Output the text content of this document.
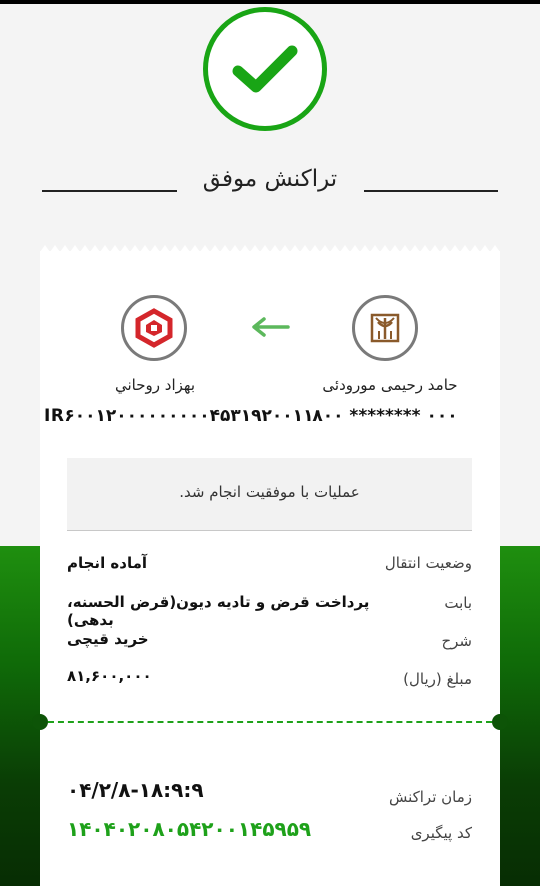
تراكنش موفق
حامد رحیمی مورودئی
۸۰۰ ******** ۰۰۰
بهزاد روحاني
IR۶۰۰۱۲۰۰۰۰۰۰۰۰۰۴۵۳۱۹۲۰۰۱۱
عملیات با موفقیت انجام شد.
وضعیت انتقال
آماده انجام
بابت
پرداخت قرض و تادیه دیون(قرض الحسنه، بدهی)
شرح
خرید قیچی
مبلغ (ریال)
۸۱,۶۰۰,۰۰۰
زمان تراکنش
۰۴/۲/۸-۱۸:۹:۹
کد پیگیری
۱۴۰۴۰۲۰۸۰۵۴۲۰۰۱۴۵۹۵۹
